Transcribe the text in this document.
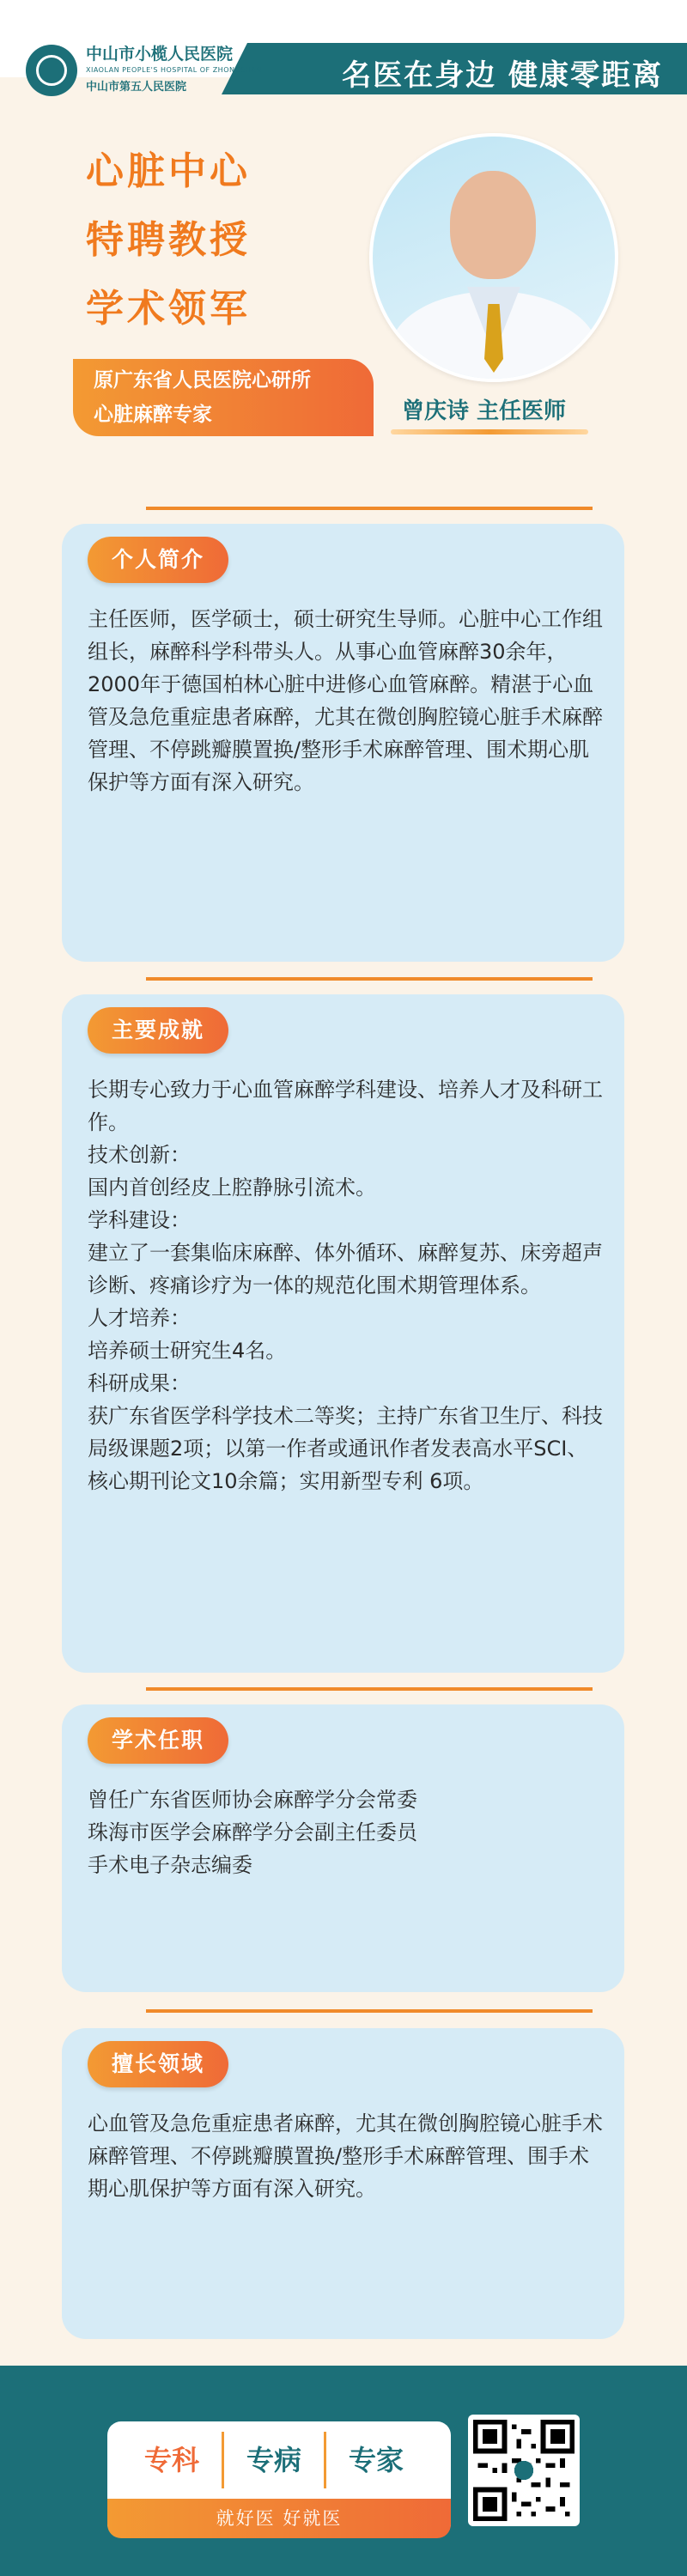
名医在身边 健康零距离
中山市小榄人民医院
XIAOLAN PEOPLE'S HOSPITAL OF ZHONGSHAN
中山市第五人民医院
心脏中心
特聘教授
学术领军
原广东省人民医院心研所
心脏麻醉专家	曾庆诗 主任医师
个人简介
主任医师，医学硕士，硕士研究生导师。心脏中心工作组组长，麻醉科学科带头人。从事心血管麻醉30余年，2000年于德国柏林心脏中进修心血管麻醉。精湛于心血管及急危重症患者麻醉，尤其在微创胸腔镜心脏手术麻醉管理、不停跳瓣膜置换/整形手术麻醉管理、围术期心肌保护等方面有深入研究。
主要成就
长期专心致力于心血管麻醉学科建设、培养人才及科研工作。
技术创新：
国内首创经皮上腔静脉引流术。
学科建设：
建立了一套集临床麻醉、体外循环、麻醉复苏、床旁超声诊断、疼痛诊疗为一体的规范化围术期管理体系。
人才培养：
培养硕士研究生4名。
科研成果：
获广东省医学科学技术二等奖；主持广东省卫生厅、科技局级课题2项；以第一作者或通讯作者发表高水平SCI、核心期刊论文10余篇；实用新型专利 6项。
学术任职
曾任广东省医师协会麻醉学分会常委
珠海市医学会麻醉学分会副主任委员
手术电子杂志编委
擅长领域
心血管及急危重症患者麻醉，尤其在微创胸腔镜心脏手术麻醉管理、不停跳瓣膜置换/整形手术麻醉管理、围手术期心肌保护等方面有深入研究。
专科	专病	专家
就好医 好就医
